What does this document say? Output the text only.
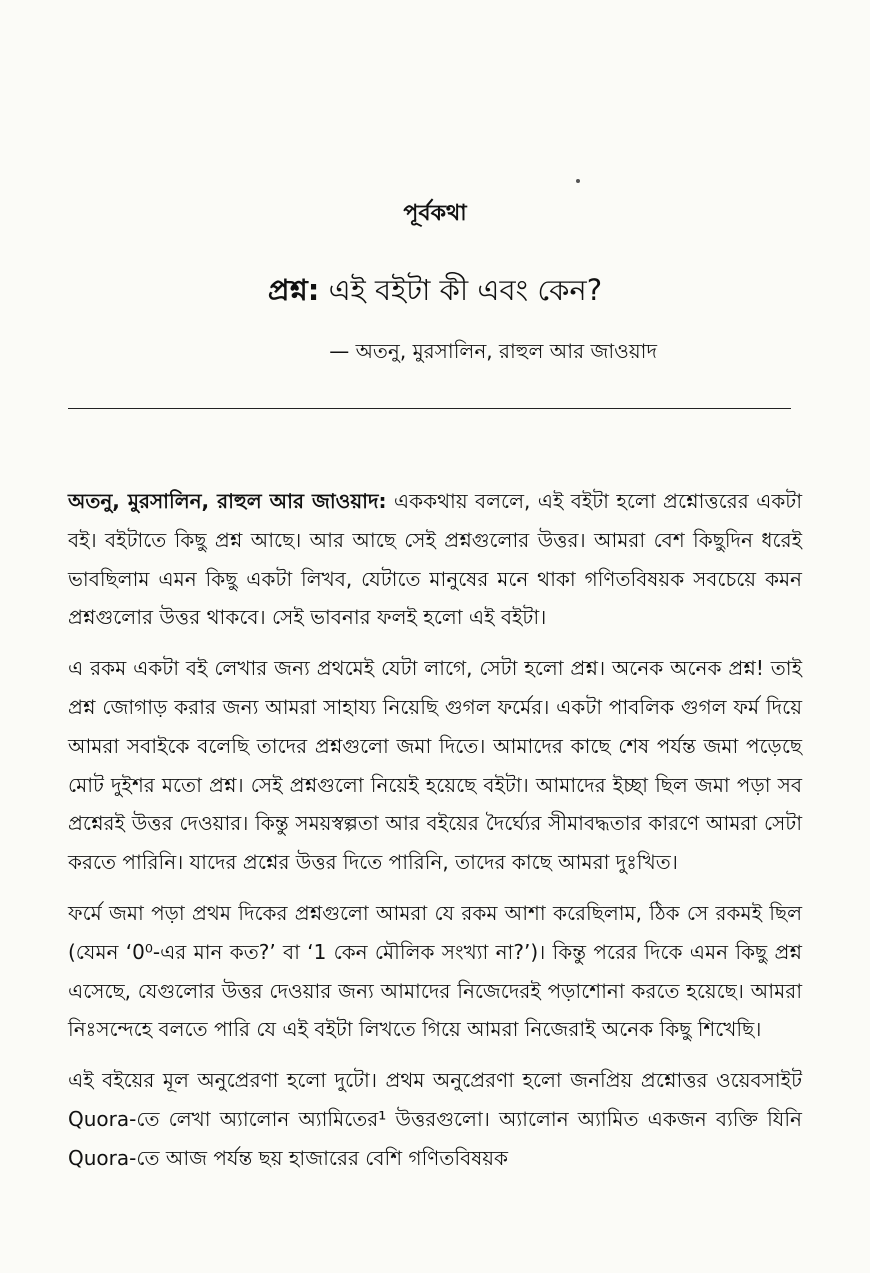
পূর্বকথা
প্রশ্ন: এই বইটা কী এবং কেন?
— অতনু, মুরসালিন, রাহুল আর জাওয়াদ

অতনু, মুরসালিন, রাহুল আর জাওয়াদ: এককথায় বললে, এই বইটা হলো প্রশ্নোত্তরের একটা বই। বইটাতে কিছু প্রশ্ন আছে। আর আছে সেই প্রশ্নগুলোর উত্তর। আমরা বেশ কিছুদিন ধরেই ভাবছিলাম এমন কিছু একটা লিখব, যেটাতে মানুষের মনে থাকা গণিতবিষয়ক সবচেয়ে কমন প্রশ্নগুলোর উত্তর থাকবে। সেই ভাবনার ফলই হলো এই বইটা।

এ রকম একটা বই লেখার জন্য প্রথমেই যেটা লাগে, সেটা হলো প্রশ্ন। অনেক অনেক প্রশ্ন! তাই প্রশ্ন জোগাড় করার জন্য আমরা সাহায্য নিয়েছি গুগল ফর্মের। একটা পাবলিক গুগল ফর্ম দিয়ে আমরা সবাইকে বলেছি তাদের প্রশ্নগুলো জমা দিতে। আমাদের কাছে শেষ পর্যন্ত জমা পড়েছে মোট দুইশর মতো প্রশ্ন। সেই প্রশ্নগুলো নিয়েই হয়েছে বইটা। আমাদের ইচ্ছা ছিল জমা পড়া সব প্রশ্নেরই উত্তর দেওয়ার। কিন্তু সময়স্বল্পতা আর বইয়ের দৈর্ঘ্যের সীমাবদ্ধতার কারণে আমরা সেটা করতে পারিনি। যাদের প্রশ্নের উত্তর দিতে পারিনি, তাদের কাছে আমরা দুঃখিত।

ফর্মে জমা পড়া প্রথম দিকের প্রশ্নগুলো আমরা যে রকম আশা করেছিলাম, ঠিক সে রকমই ছিল (যেমন ‘0⁰-এর মান কত?’ বা ‘1 কেন মৌলিক সংখ্যা না?’)। কিন্তু পরের দিকে এমন কিছু প্রশ্ন এসেছে, যেগুলোর উত্তর দেওয়ার জন্য আমাদের নিজেদেরই পড়াশোনা করতে হয়েছে। আমরা নিঃসন্দেহে বলতে পারি যে এই বইটা লিখতে গিয়ে আমরা নিজেরাই অনেক কিছু শিখেছি।

এই বইয়ের মূল অনুপ্রেরণা হলো দুটো। প্রথম অনুপ্রেরণা হলো জনপ্রিয় প্রশ্নোত্তর ওয়েবসাইট Quora-তে লেখা অ্যালোন অ্যামিতের¹ উত্তরগুলো। অ্যালোন অ্যামিত একজন ব্যক্তি যিনি Quora-তে আজ পর্যন্ত ছয় হাজারের বেশি গণিতবিষয়ক
